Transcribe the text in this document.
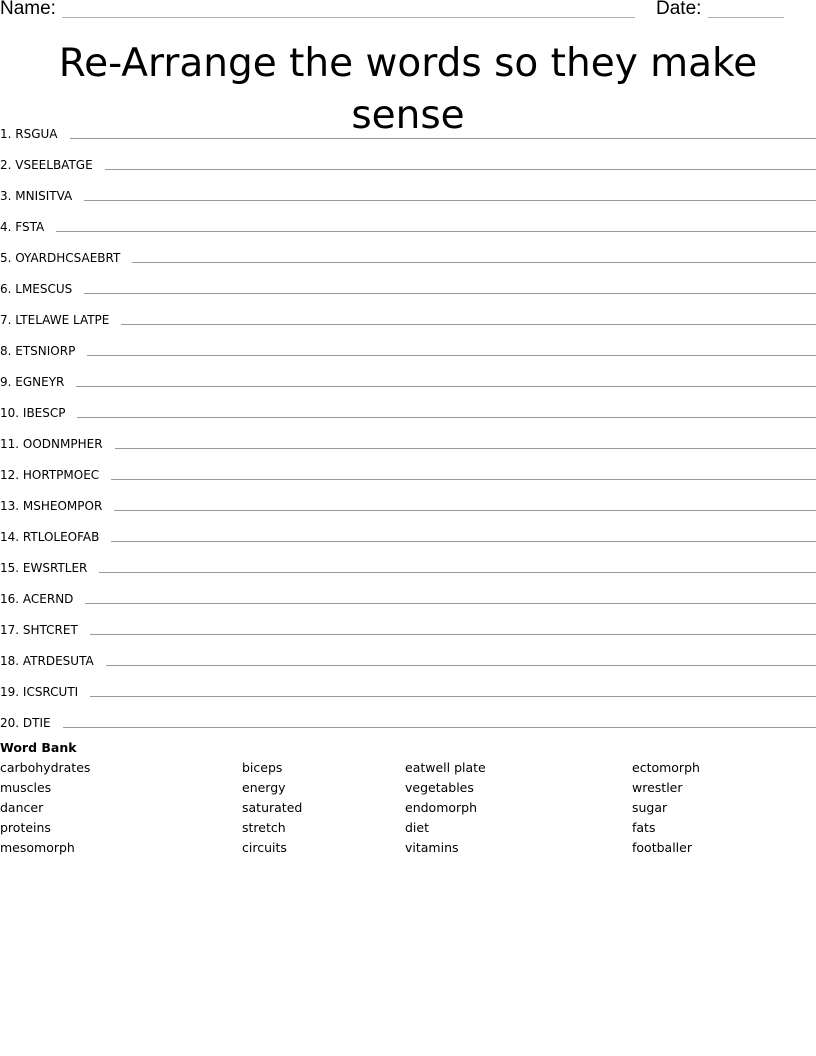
Name:	Date:
Re-Arrange the words so they make sense
1. RSGUA
2. VSEELBATGE
3. MNISITVA
4. FSTA
5. OYARDHCSAEBRT
6. LMESCUS
7. LTELAWE LATPE
8. ETSNIORP
9. EGNEYR
10. IBESCP
11. OODNMPHER
12. HORTPMOEC
13. MSHEOMPOR
14. RTLOLEOFAB
15. EWSRTLER
16. ACERND
17. SHTCRET
18. ATRDESUTA
19. ICSRCUTI
20. DTIE
Word Bank
carbohydrates
muscles
dancer
proteins
mesomorph
biceps
energy
saturated
stretch
circuits
eatwell plate
vegetables
endomorph
diet
vitamins
ectomorph
wrestler
sugar
fats
footballer
